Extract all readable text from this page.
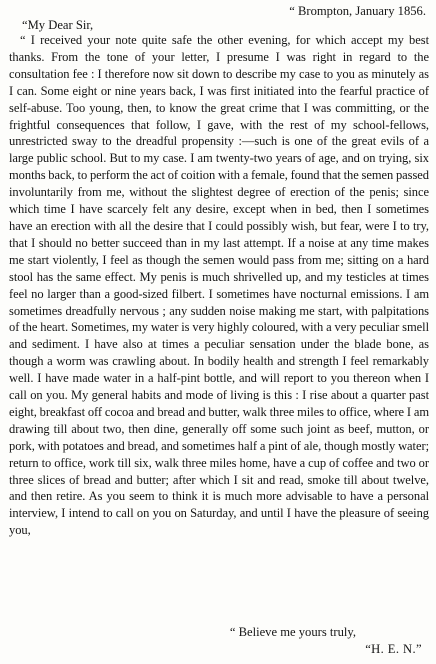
“ Brompton, January 1856.
“My Dear Sir,

“ I received your note quite safe the other evening, for which accept my best thanks. From the tone of your letter, I presume I was right in regard to the consultation fee : I therefore now sit down to describe my case to you as minutely as I can. Some eight or nine years back, I was first initiated into the fearful practice of self-abuse. Too young, then, to know the great crime that I was committing, or the frightful consequences that follow, I gave, with the rest of my school-fellows, unrestricted sway to the dreadful propensity :—such is one of the great evils of a large public school. But to my case. I am twenty-two years of age, and on trying, six months back, to perform the act of coition with a female, found that the semen passed involuntarily from me, without the slightest degree of erection of the penis; since which time I have scarcely felt any desire, except when in bed, then I sometimes have an erection with all the desire that I could possibly wish, but fear, were I to try, that I should no better succeed than in my last attempt. If a noise at any time makes me start violently, I feel as though the semen would pass from me; sitting on a hard stool has the same effect. My penis is much shrivelled up, and my testicles at times feel no larger than a good-sized filbert. I sometimes have nocturnal emissions. I am sometimes dreadfully nervous ; any sudden noise making me start, with palpitations of the heart. Sometimes, my water is very highly coloured, with a very peculiar smell and sediment. I have also at times a peculiar sensation under the blade bone, as though a worm was crawling about. In bodily health and strength I feel remarkably well. I have made water in a half-pint bottle, and will report to you thereon when I call on you. My general habits and mode of living is this : I rise about a quarter past eight, breakfast off cocoa and bread and butter, walk three miles to office, where I am drawing till about two, then dine, generally off some such joint as beef, mutton, or pork, with potatoes and bread, and sometimes half a pint of ale, though mostly water; return to office, work till six, walk three miles home, have a cup of coffee and two or three slices of bread and butter; after which I sit and read, smoke till about twelve, and then retire. As you seem to think it is much more advisable to have a personal interview, I intend to call on you on Saturday, and until I have the pleasure of seeing you,

“ Believe me yours truly,
“H. E. N.”
